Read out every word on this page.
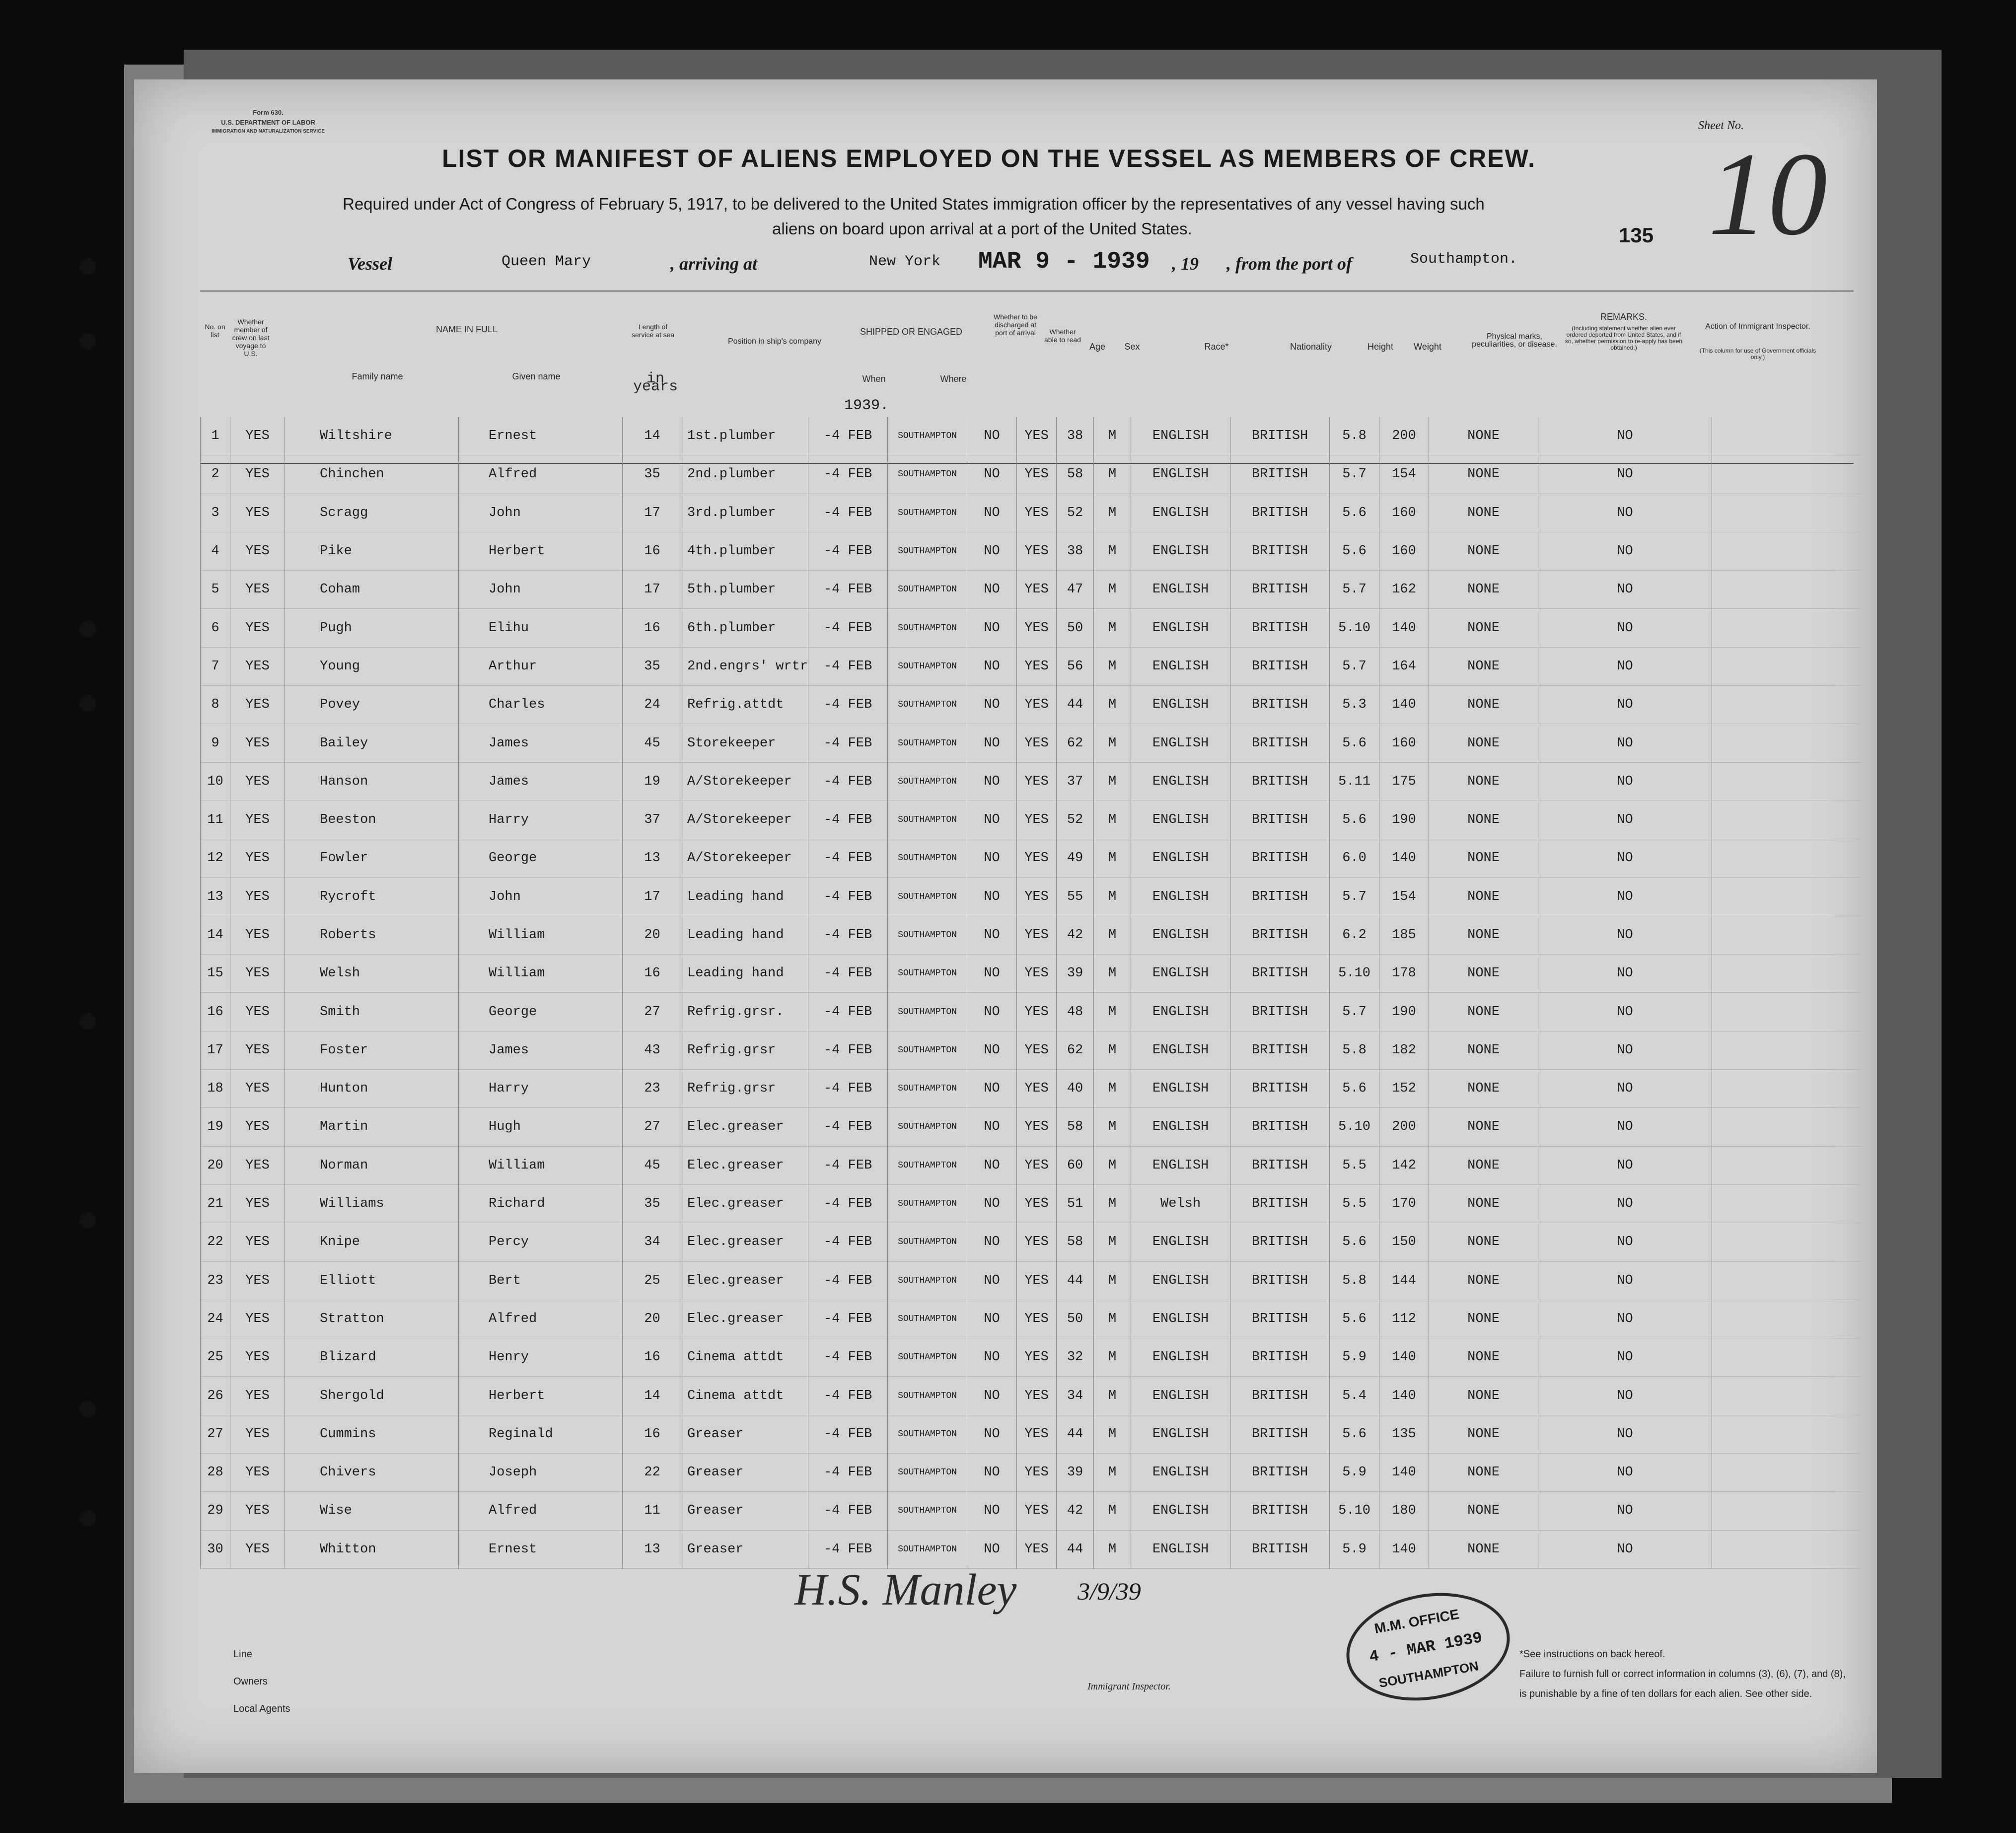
Form 630.
U.S. DEPARTMENT OF LABOR
IMMIGRATION AND NATURALIZATION SERVICE	Sheet No.
10
135
LIST OR MANIFEST OF ALIENS EMPLOYED ON THE VESSEL AS MEMBERS OF CREW.
Required under Act of Congress of February 5, 1917, to be delivered to the United States immigration officer by the representatives of any vessel having such
aliens on board upon arrival at a port of the United States.
Vessel	Queen Mary	, arriving at	New York MAR 9 - 1939 , 19 , from the port of	Southampton.
No. on list
Whether member of crew on last voyage to U.S.
NAME IN FULL
Family name	Given name
Length of service at sea
in years
Position in ship's company
SHIPPED OR ENGAGED
When	Where
Whether to be discharged at port of arrival	Whether able to read
Age	Sex	Race*	Nationality	Height	Weight
Physical marks, peculiarities, or disease.
REMARKS.
(Including statement whether alien ever ordered deported from United States, and if so, whether permission to re-apply has been obtained.)
Action of Immigrant Inspector.
(This column for use of Government officials only.)
1939.
1	YES	Wiltshire	Ernest	14	1st.plumber	-4 FEB	SOUTHAMPTON	NO	YES	38	M	ENGLISH	BRITISH	5.8	200	NONE	NO	
2	YES	Chinchen	Alfred	35	2nd.plumber	-4 FEB	SOUTHAMPTON	NO	YES	58	M	ENGLISH	BRITISH	5.7	154	NONE	NO	
3	YES	Scragg	John	17	3rd.plumber	-4 FEB	SOUTHAMPTON	NO	YES	52	M	ENGLISH	BRITISH	5.6	160	NONE	NO	
4	YES	Pike	Herbert	16	4th.plumber	-4 FEB	SOUTHAMPTON	NO	YES	38	M	ENGLISH	BRITISH	5.6	160	NONE	NO	
5	YES	Coham	John	17	5th.plumber	-4 FEB	SOUTHAMPTON	NO	YES	47	M	ENGLISH	BRITISH	5.7	162	NONE	NO	
6	YES	Pugh	Elihu	16	6th.plumber	-4 FEB	SOUTHAMPTON	NO	YES	50	M	ENGLISH	BRITISH	5.10	140	NONE	NO	
7	YES	Young	Arthur	35	2nd.engrs' wrtr	-4 FEB	SOUTHAMPTON	NO	YES	56	M	ENGLISH	BRITISH	5.7	164	NONE	NO	
8	YES	Povey	Charles	24	Refrig.attdt	-4 FEB	SOUTHAMPTON	NO	YES	44	M	ENGLISH	BRITISH	5.3	140	NONE	NO	
9	YES	Bailey	James	45	Storekeeper	-4 FEB	SOUTHAMPTON	NO	YES	62	M	ENGLISH	BRITISH	5.6	160	NONE	NO	
10	YES	Hanson	James	19	A/Storekeeper	-4 FEB	SOUTHAMPTON	NO	YES	37	M	ENGLISH	BRITISH	5.11	175	NONE	NO	
11	YES	Beeston	Harry	37	A/Storekeeper	-4 FEB	SOUTHAMPTON	NO	YES	52	M	ENGLISH	BRITISH	5.6	190	NONE	NO	
12	YES	Fowler	George	13	A/Storekeeper	-4 FEB	SOUTHAMPTON	NO	YES	49	M	ENGLISH	BRITISH	6.0	140	NONE	NO	
13	YES	Rycroft	John	17	Leading hand	-4 FEB	SOUTHAMPTON	NO	YES	55	M	ENGLISH	BRITISH	5.7	154	NONE	NO	
14	YES	Roberts	William	20	Leading hand	-4 FEB	SOUTHAMPTON	NO	YES	42	M	ENGLISH	BRITISH	6.2	185	NONE	NO	
15	YES	Welsh	William	16	Leading hand	-4 FEB	SOUTHAMPTON	NO	YES	39	M	ENGLISH	BRITISH	5.10	178	NONE	NO	
16	YES	Smith	George	27	Refrig.grsr.	-4 FEB	SOUTHAMPTON	NO	YES	48	M	ENGLISH	BRITISH	5.7	190	NONE	NO	
17	YES	Foster	James	43	Refrig.grsr	-4 FEB	SOUTHAMPTON	NO	YES	62	M	ENGLISH	BRITISH	5.8	182	NONE	NO	
18	YES	Hunton	Harry	23	Refrig.grsr	-4 FEB	SOUTHAMPTON	NO	YES	40	M	ENGLISH	BRITISH	5.6	152	NONE	NO	
19	YES	Martin	Hugh	27	Elec.greaser	-4 FEB	SOUTHAMPTON	NO	YES	58	M	ENGLISH	BRITISH	5.10	200	NONE	NO	
20	YES	Norman	William	45	Elec.greaser	-4 FEB	SOUTHAMPTON	NO	YES	60	M	ENGLISH	BRITISH	5.5	142	NONE	NO	
21	YES	Williams	Richard	35	Elec.greaser	-4 FEB	SOUTHAMPTON	NO	YES	51	M	Welsh	BRITISH	5.5	170	NONE	NO	
22	YES	Knipe	Percy	34	Elec.greaser	-4 FEB	SOUTHAMPTON	NO	YES	58	M	ENGLISH	BRITISH	5.6	150	NONE	NO	
23	YES	Elliott	Bert	25	Elec.greaser	-4 FEB	SOUTHAMPTON	NO	YES	44	M	ENGLISH	BRITISH	5.8	144	NONE	NO	
24	YES	Stratton	Alfred	20	Elec.greaser	-4 FEB	SOUTHAMPTON	NO	YES	50	M	ENGLISH	BRITISH	5.6	112	NONE	NO	
25	YES	Blizard	Henry	16	Cinema attdt	-4 FEB	SOUTHAMPTON	NO	YES	32	M	ENGLISH	BRITISH	5.9	140	NONE	NO	
26	YES	Shergold	Herbert	14	Cinema attdt	-4 FEB	SOUTHAMPTON	NO	YES	34	M	ENGLISH	BRITISH	5.4	140	NONE	NO	
27	YES	Cummins	Reginald	16	Greaser	-4 FEB	SOUTHAMPTON	NO	YES	44	M	ENGLISH	BRITISH	5.6	135	NONE	NO	
28	YES	Chivers	Joseph	22	Greaser	-4 FEB	SOUTHAMPTON	NO	YES	39	M	ENGLISH	BRITISH	5.9	140	NONE	NO	
29	YES	Wise	Alfred	11	Greaser	-4 FEB	SOUTHAMPTON	NO	YES	42	M	ENGLISH	BRITISH	5.10	180	NONE	NO	
30	YES	Whitton	Ernest	13	Greaser	-4 FEB	SOUTHAMPTON	NO	YES	44	M	ENGLISH	BRITISH	5.9	140	NONE	NO	
H.S. Manley 3/9/39
M.M. OFFICE
4 - MAR 1939
SOUTHAMPTON
Line
Owners
Local Agents
Immigrant Inspector.
*See instructions on back hereof.
Failure to furnish full or correct information in columns (3), (6), (7), and (8),
is punishable by a fine of ten dollars for each alien. See other side.
